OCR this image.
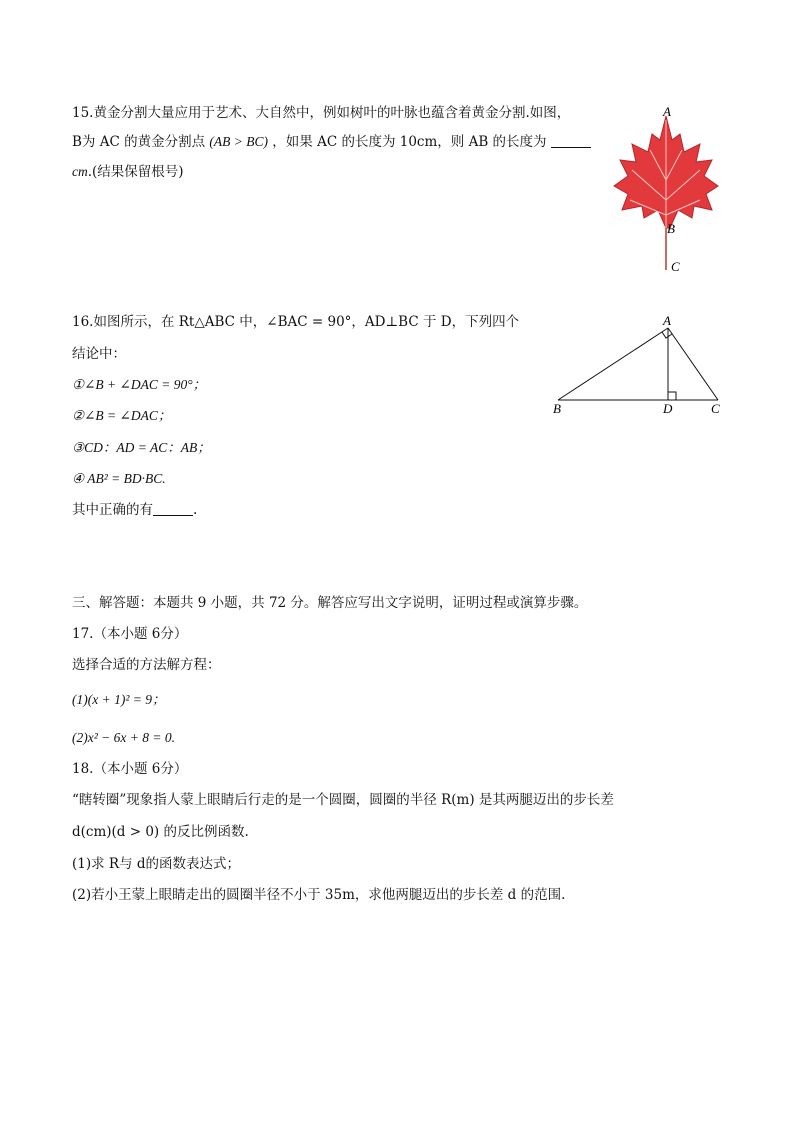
15.黄金分割大量应用于艺术、大自然中，例如树叶的叶脉也蕴含着黄金分割.如图，
B为 AC 的黄金分割点 (AB > BC) ，如果 AC 的长度为 10cm，则 AB 的长度为
cm.(结果保留根号)
A
B
C
16.如图所示，在 Rt△ABC 中，∠BAC = 90°，AD⊥BC 于 D，下列四个
结论中：
①∠B + ∠DAC = 90°；
②∠B = ∠DAC；
③CD：AD = AC：AB；
④ AB² = BD·BC.
其中正确的有	.
A
B	D	C
三、解答题：本题共 9 小题，共 72 分。解答应写出文字说明，证明过程或演算步骤。
17.（本小题 6分）
选择合适的方法解方程：
(1)(x + 1)² = 9；
(2)x² − 6x + 8 = 0.
18.（本小题 6分）
“瞎转圈”现象指人蒙上眼睛后行走的是一个圆圈，圆圈的半径 R(m) 是其两腿迈出的步长差
d(cm)(d > 0) 的反比例函数.
(1)求 R与 d的函数表达式；
(2)若小王蒙上眼睛走出的圆圈半径不小于 35m，求他两腿迈出的步长差 d 的范围.
